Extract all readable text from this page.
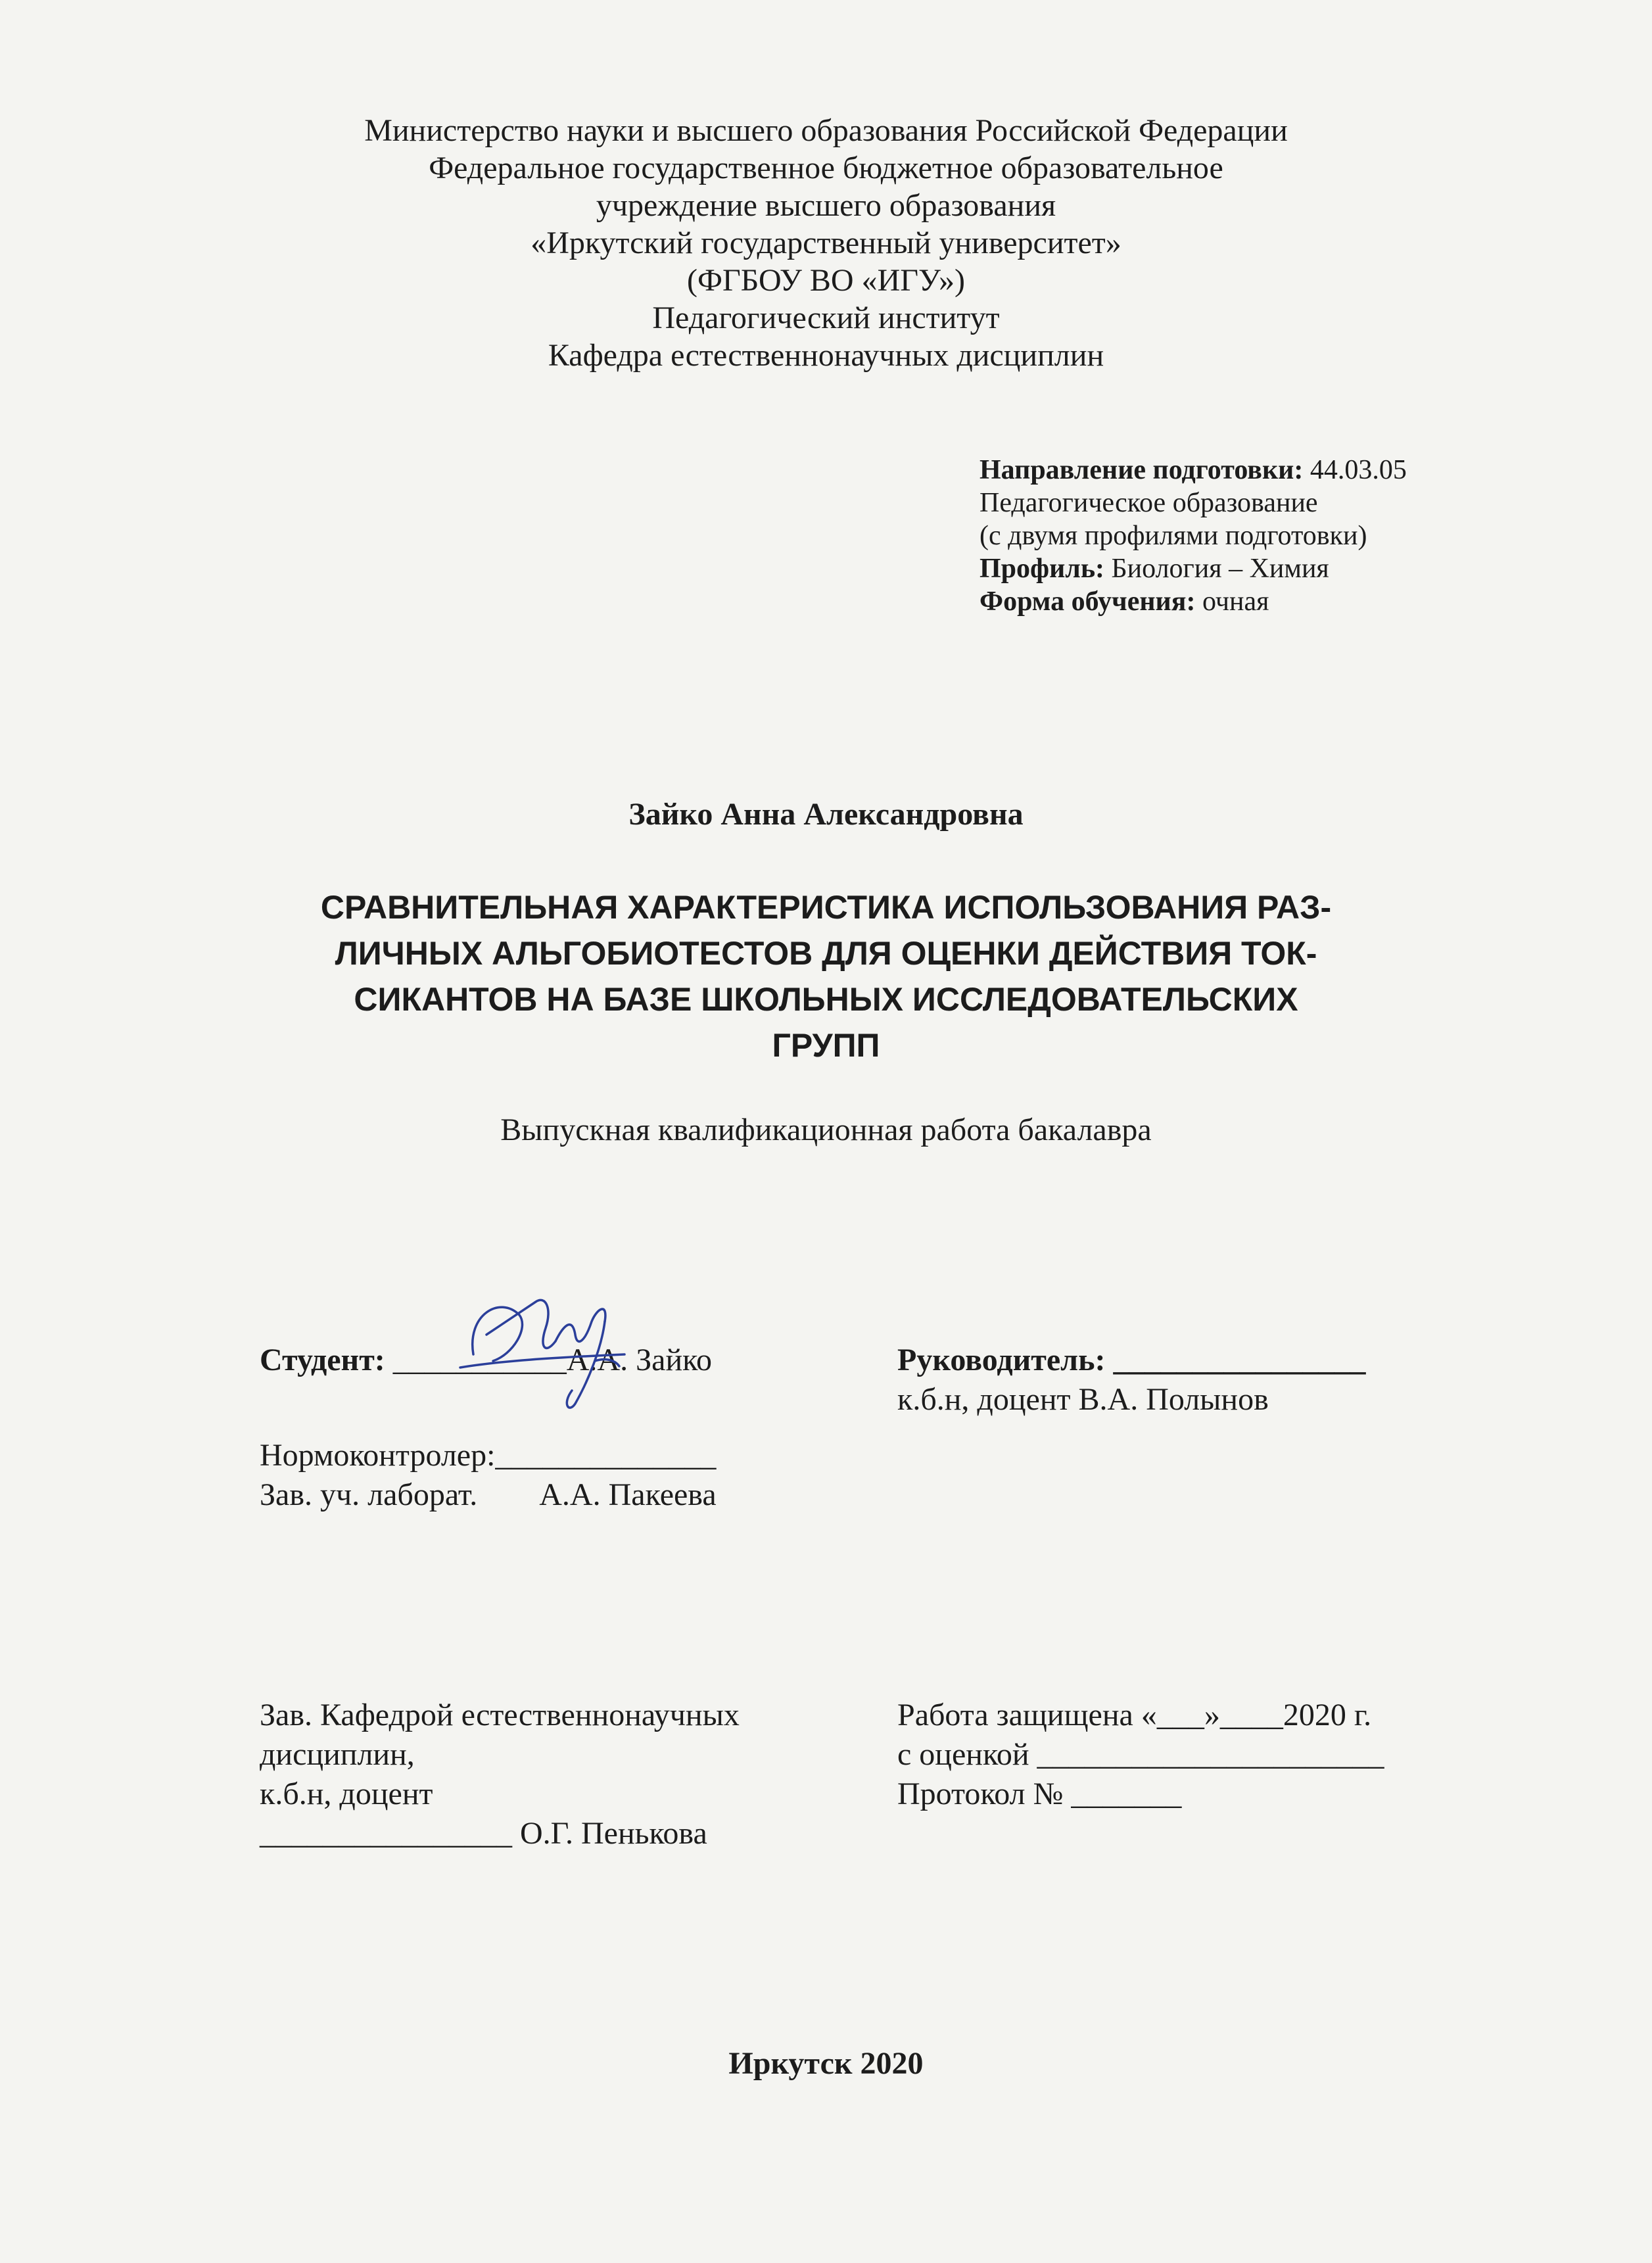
Министерство науки и высшего образования Российской Федерации
Федеральное государственное бюджетное образовательное
учреждение высшего образования
«Иркутский государственный университет»
(ФГБОУ ВО «ИГУ»)
Педагогический институт
Кафедра естественнонаучных дисциплин
Направление подготовки: 44.03.05
Педагогическое образование
(с двумя профилями подготовки)
Профиль: Биология – Химия
Форма обучения: очная
Зайко Анна Александровна
СРАВНИТЕЛЬНАЯ ХАРАКТЕРИСТИКА ИСПОЛЬЗОВАНИЯ РАЗ-
ЛИЧНЫХ АЛЬГОБИОТЕСТОВ ДЛЯ ОЦЕНКИ ДЕЙСТВИЯ ТОК-
СИКАНТОВ НА БАЗЕ ШКОЛЬНЫХ ИССЛЕДОВАТЕЛЬСКИХ
ГРУПП
Выпускная квалификационная работа бакалавра
Студент: ___________А.А. Зайко	Руководитель: ________________
к.б.н, доцент В.А. Полынов
Нормоконтролер:______________
Зав. уч. лаборат. А.А. Пакеева
Зав. Кафедрой естественнонаучных
дисциплин,
к.б.н, доцент
________________ О.Г. Пенькова
Работа защищена «___»____2020 г.
с оценкой ______________________
Протокол № _______
Иркутск 2020
